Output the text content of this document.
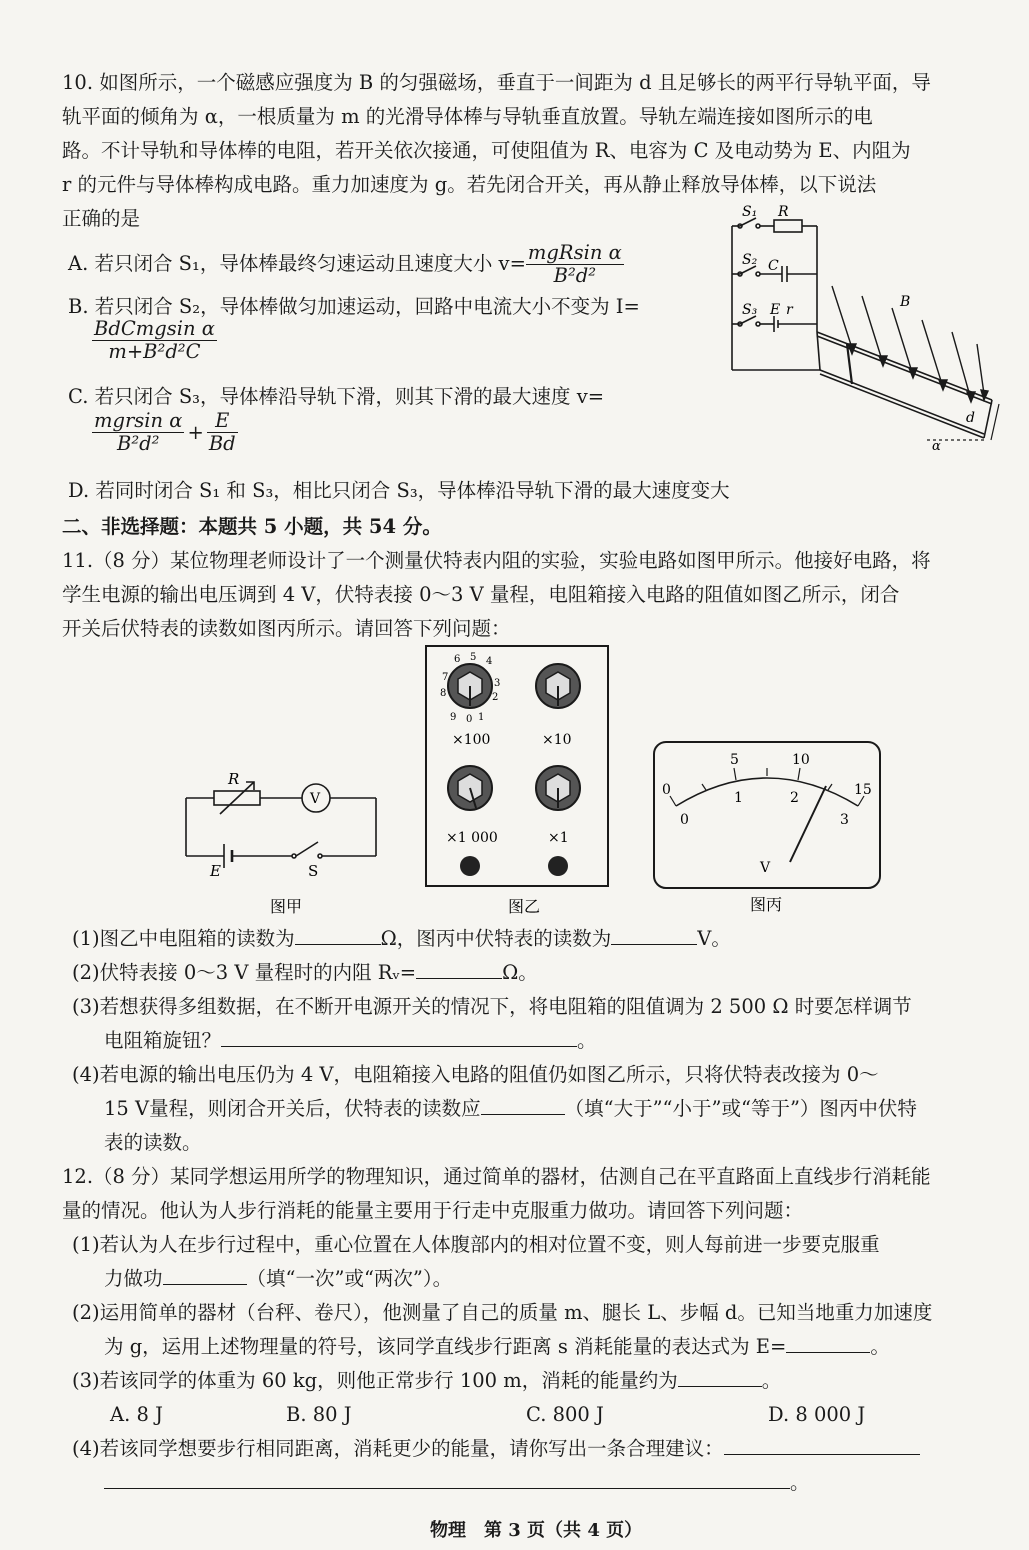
10. 如图所示，一个磁感应强度为 B 的匀强磁场，垂直于一间距为 d 且足够长的两平行导轨平面，导
轨平面的倾角为 α，一根质量为 m 的光滑导体棒与导轨垂直放置。导轨左端连接如图所示的电
路。不计导轨和导体棒的电阻，若开关依次接通，可使阻值为 R、电容为 C 及电动势为 E、内阻为
r 的元件与导体棒构成电路。重力加速度为 g。若先闭合开关，再从静止释放导体棒，以下说法
正确的是
A. 若只闭合 S₁，导体棒最终匀速运动且速度大小 $v= \frac{\text{mgRsin α}}{\text{B²d²}}$
B. 若只闭合 S₂，导体棒做匀加速运动，回路中电流大小不变为 I=
$\frac{\text{BdCmgsin α}}{\text{m+B²d²C}}$
C. 若只闭合 S₃，导体棒沿导轨下滑，则其下滑的最大速度 v=
$\frac{\text{mgrsin α}}{\text{B²d²}} + \frac{E}{Bd}$
D. 若同时闭合 S₁ 和 S₃，相比只闭合 S₃，导体棒沿导轨下滑的最大速度变大
S₁ R
S₂ C
S₃ E r	B
d
α
二、非选择题：本题共 5 小题，共 54 分。
11.（8 分）某位物理老师设计了一个测量伏特表内阻的实验，实验电路如图甲所示。他接好电路，将
学生电源的输出电压调到 4 V，伏特表接 0～3 V 量程，电阻箱接入电路的阻值如图乙所示，闭合
开关后伏特表的读数如图丙所示。请回答下列问题：
R
V
E	S
图甲
0 1
2
3
4
5
6
7
8
9
×100	×10
×1 000	×1
图乙
0
5	10
15
0
1	2
3
V
图丙
(1)图乙中电阻箱的读数为	Ω，图丙中伏特表的读数为	V。
(2)伏特表接 0～3 V 量程时的内阻 Rᵥ=	Ω。
(3)若想获得多组数据，在不断开电源开关的情况下，将电阻箱的阻值调为 2 500 Ω 时要怎样调节
电阻箱旋钮？	。
(4)若电源的输出电压仍为 4 V，电阻箱接入电路的阻值仍如图乙所示，只将伏特表改接为 0～
15 V量程，则闭合开关后，伏特表的读数应	（填“大于”“小于”或“等于”）图丙中伏特
表的读数。
12.（8 分）某同学想运用所学的物理知识，通过简单的器材，估测自己在平直路面上直线步行消耗能
量的情况。他认为人步行消耗的能量主要用于行走中克服重力做功。请回答下列问题：
(1)若认为人在步行过程中，重心位置在人体腹部内的相对位置不变，则人每前进一步要克服重
力做功	（填“一次”或“两次”）。
(2)运用简单的器材（台秤、卷尺），他测量了自己的质量 m、腿长 L、步幅 d。已知当地重力加速度
为 g，运用上述物理量的符号，该同学直线步行距离 s 消耗能量的表达式为 E=	。
(3)若该同学的体重为 60 kg，则他正常步行 100 m，消耗的能量约为	。
A. 8 J	B. 80 J	C. 800 J	D. 8 000 J
(4)若该同学想要步行相同距离，消耗更少的能量，请你写出一条合理建议：
。
物理　第 3 页（共 4 页）
